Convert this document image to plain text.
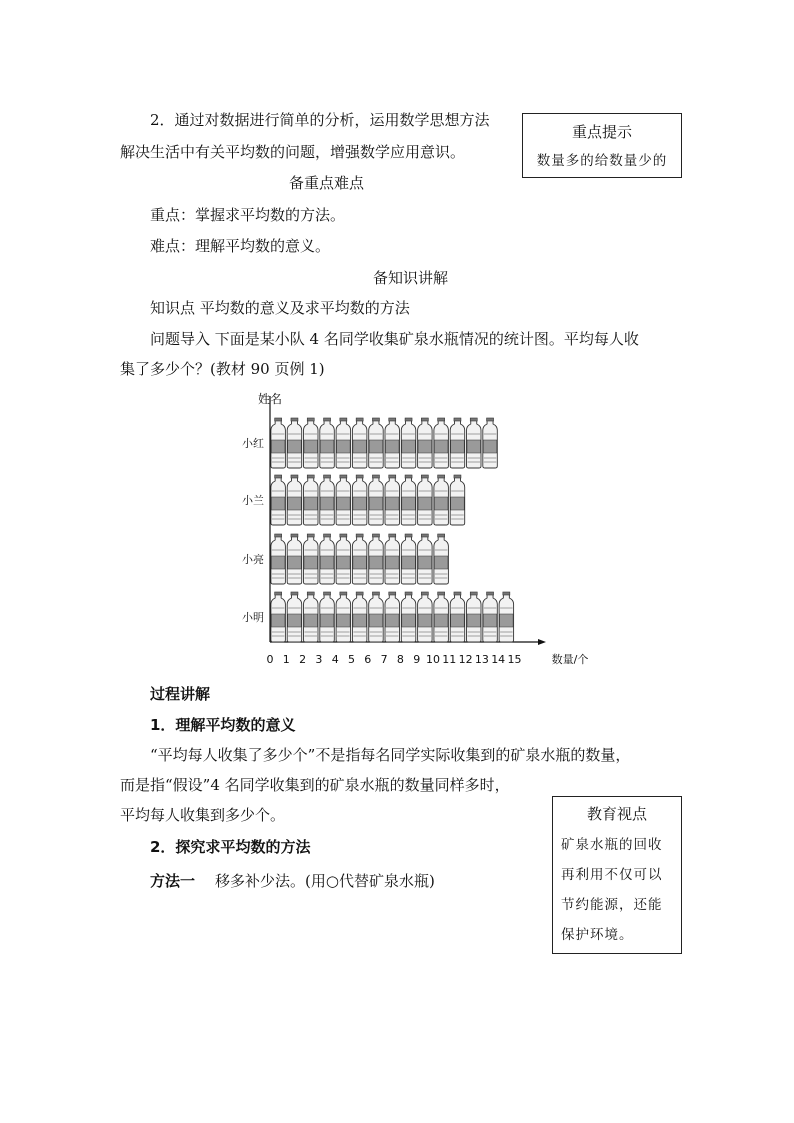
2．通过对数据进行简单的分析，运用数学思想方法
解决生活中有关平均数的问题，增强数学应用意识。
重点提示
数量多的给数量少的
备重点难点
重点：掌握求平均数的方法。
难点：理解平均数的意义。
备知识讲解
知识点 平均数的意义及求平均数的方法
问题导入 下面是某小队 4 名同学收集矿泉水瓶情况的统计图。平均每人收
集了多少个？(教材 90 页例 1)
姓名
0 1 2 3 4 5 6 7 8 9 10 11 12 13 14 15	数量/个
小红
小兰
小亮
小明
过程讲解
1．理解平均数的意义
“平均每人收集了多少个”不是指每名同学实际收集到的矿泉水瓶的数量，
而是指“假设”4 名同学收集到的矿泉水瓶的数量同样多时，
平均每人收集到多少个。
2．探究求平均数的方法
方法一 移多补少法。(用○代替矿泉水瓶)
教育视点
矿泉水瓶的回收
再利用不仅可以
节约能源，还能
保护环境。
